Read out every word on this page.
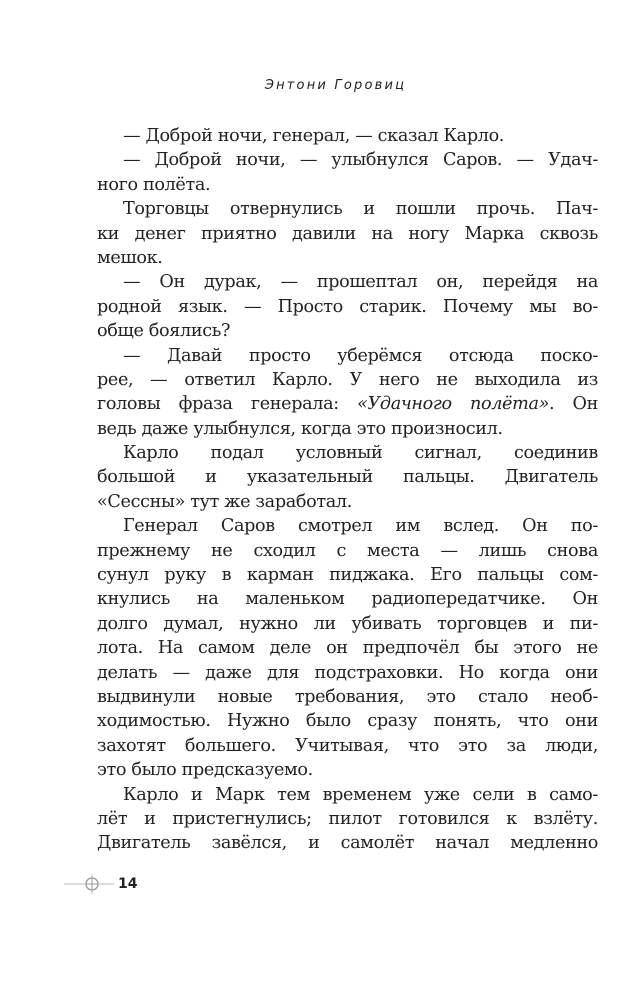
Энтони Горовиц
— Доброй ночи, генерал, — сказал Карло.
— Доброй ночи, — улыбнулся Саров. — Удач-
ного полёта.
Торговцы отвернулись и пошли прочь. Пач-
ки денег приятно давили на ногу Марка сквозь
мешок.
— Он дурак, — прошептал он, перейдя на
родной язык. — Просто старик. Почему мы во-
обще боялись?
— Давай просто уберёмся отсюда поско-
рее, — ответил Карло. У него не выходила из
головы фраза генерала: «Удачного полёта». Он
ведь даже улыбнулся, когда это произносил.
Карло подал условный сигнал, соединив
большой и указательный пальцы. Двигатель
«Сессны» тут же заработал.
Генерал Саров смотрел им вслед. Он по-
прежнему не сходил с места — лишь снова
сунул руку в карман пиджака. Его пальцы сом-
кнулись на маленьком радиопередатчике. Он
долго думал, нужно ли убивать торговцев и пи-
лота. На самом деле он предпочёл бы этого не
делать — даже для подстраховки. Но когда они
выдвинули новые требования, это стало необ-
ходимостью. Нужно было сразу понять, что они
захотят большего. Учитывая, что это за люди,
это было предсказуемо.
Карло и Марк тем временем уже сели в само-
лёт и пристегнулись; пилот готовился к взлёту.
Двигатель завёлся, и самолёт начал медленно
14
